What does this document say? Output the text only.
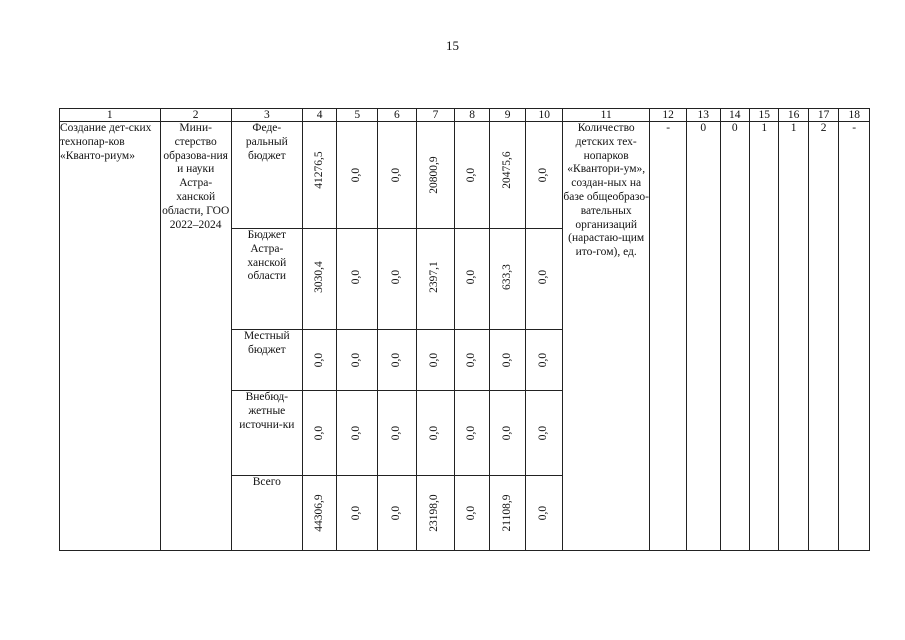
15
1	2	3	4	5	6	7	8	9	10	11	12	13	14	15	16	17	18
Создание дет-ских технопар-ков «Кванто-риум»	Мини-стерство образова-ния и науки Астра-ханской области, ГОО 2022–2024	Феде-ральный бюджет	41276,5	0,0	0,0	20800,9	0,0	20475,6	0,0	Количество детских тех-нопарков «Квантори-ум», создан-ных на базе общеобразо-вательных организаций (нарастаю-щим ито-гом), ед.	-	0	0	1	1	2	-
		Бюджет Астра-ханской области	3030,4	0,0	0,0	2397,1	0,0	633,3	0,0								

		Местный бюджет	0,0	0,0	0,0	0,0	0,0	0,0	0,0								

		Внебюд-жетные источни-ки	0,0	0,0	0,0	0,0	0,0	0,0	0,0								

		Всего	44306,9	0,0	0,0	23198,0	0,0	21108,9	0,0								
